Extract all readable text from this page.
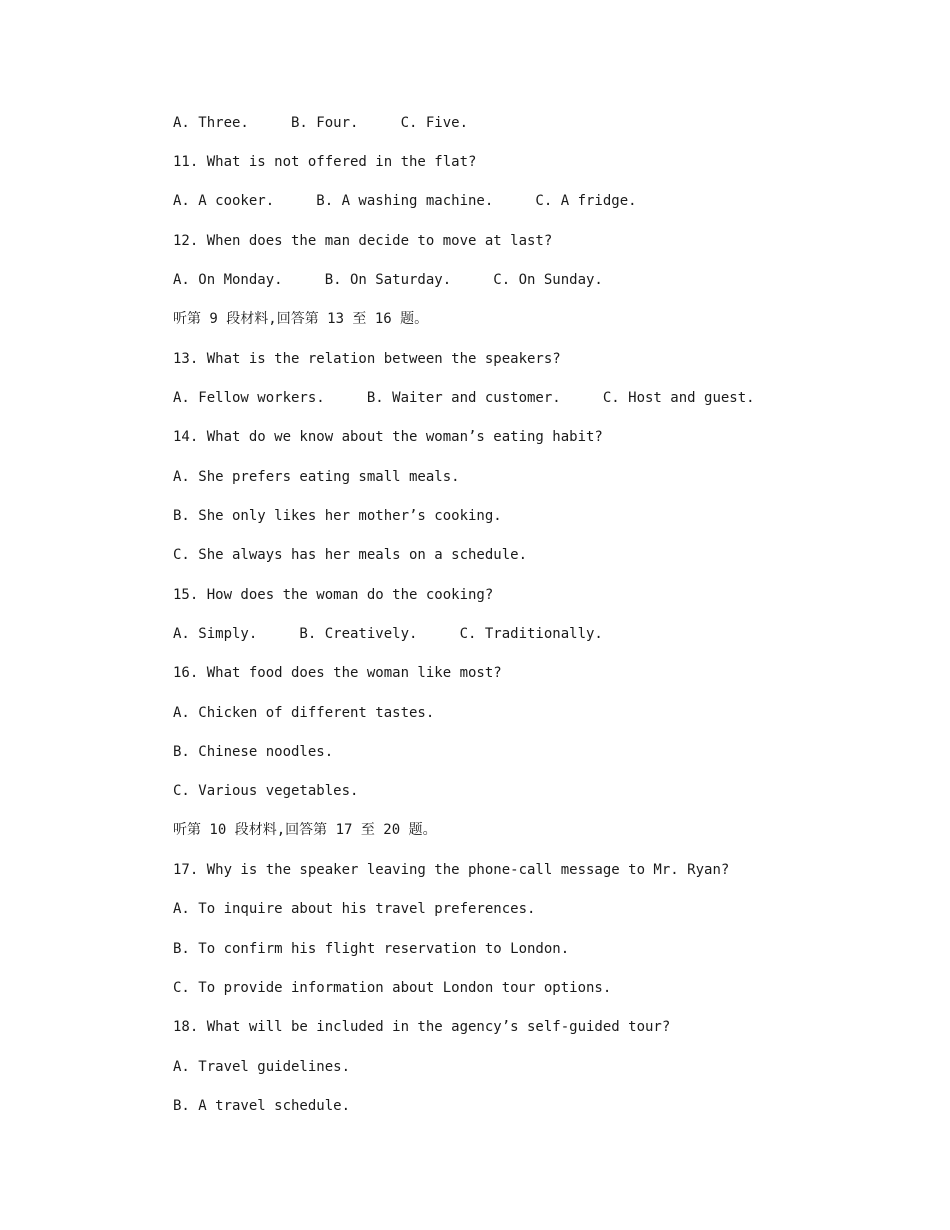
A. Three.     B. Four.     C. Five.
11. What is not offered in the flat?
A. A cooker.     B. A washing machine.     C. A fridge.
12. When does the man decide to move at last?
A. On Monday.     B. On Saturday.     C. On Sunday.
听第 9 段材料,回答第 13 至 16 题。
13. What is the relation between the speakers?
A. Fellow workers.     B. Waiter and customer.     C. Host and guest.
14. What do we know about the woman’s eating habit?
A. She prefers eating small meals.
B. She only likes her mother’s cooking.
C. She always has her meals on a schedule.
15. How does the woman do the cooking?
A. Simply.     B. Creatively.     C. Traditionally.
16. What food does the woman like most?
A. Chicken of different tastes.
B. Chinese noodles.
C. Various vegetables.
听第 10 段材料,回答第 17 至 20 题。
17. Why is the speaker leaving the phone-call message to Mr. Ryan?
A. To inquire about his travel preferences.
B. To confirm his flight reservation to London.
C. To provide information about London tour options.
18. What will be included in the agency’s self-guided tour?
A. Travel guidelines.
B. A travel schedule.
